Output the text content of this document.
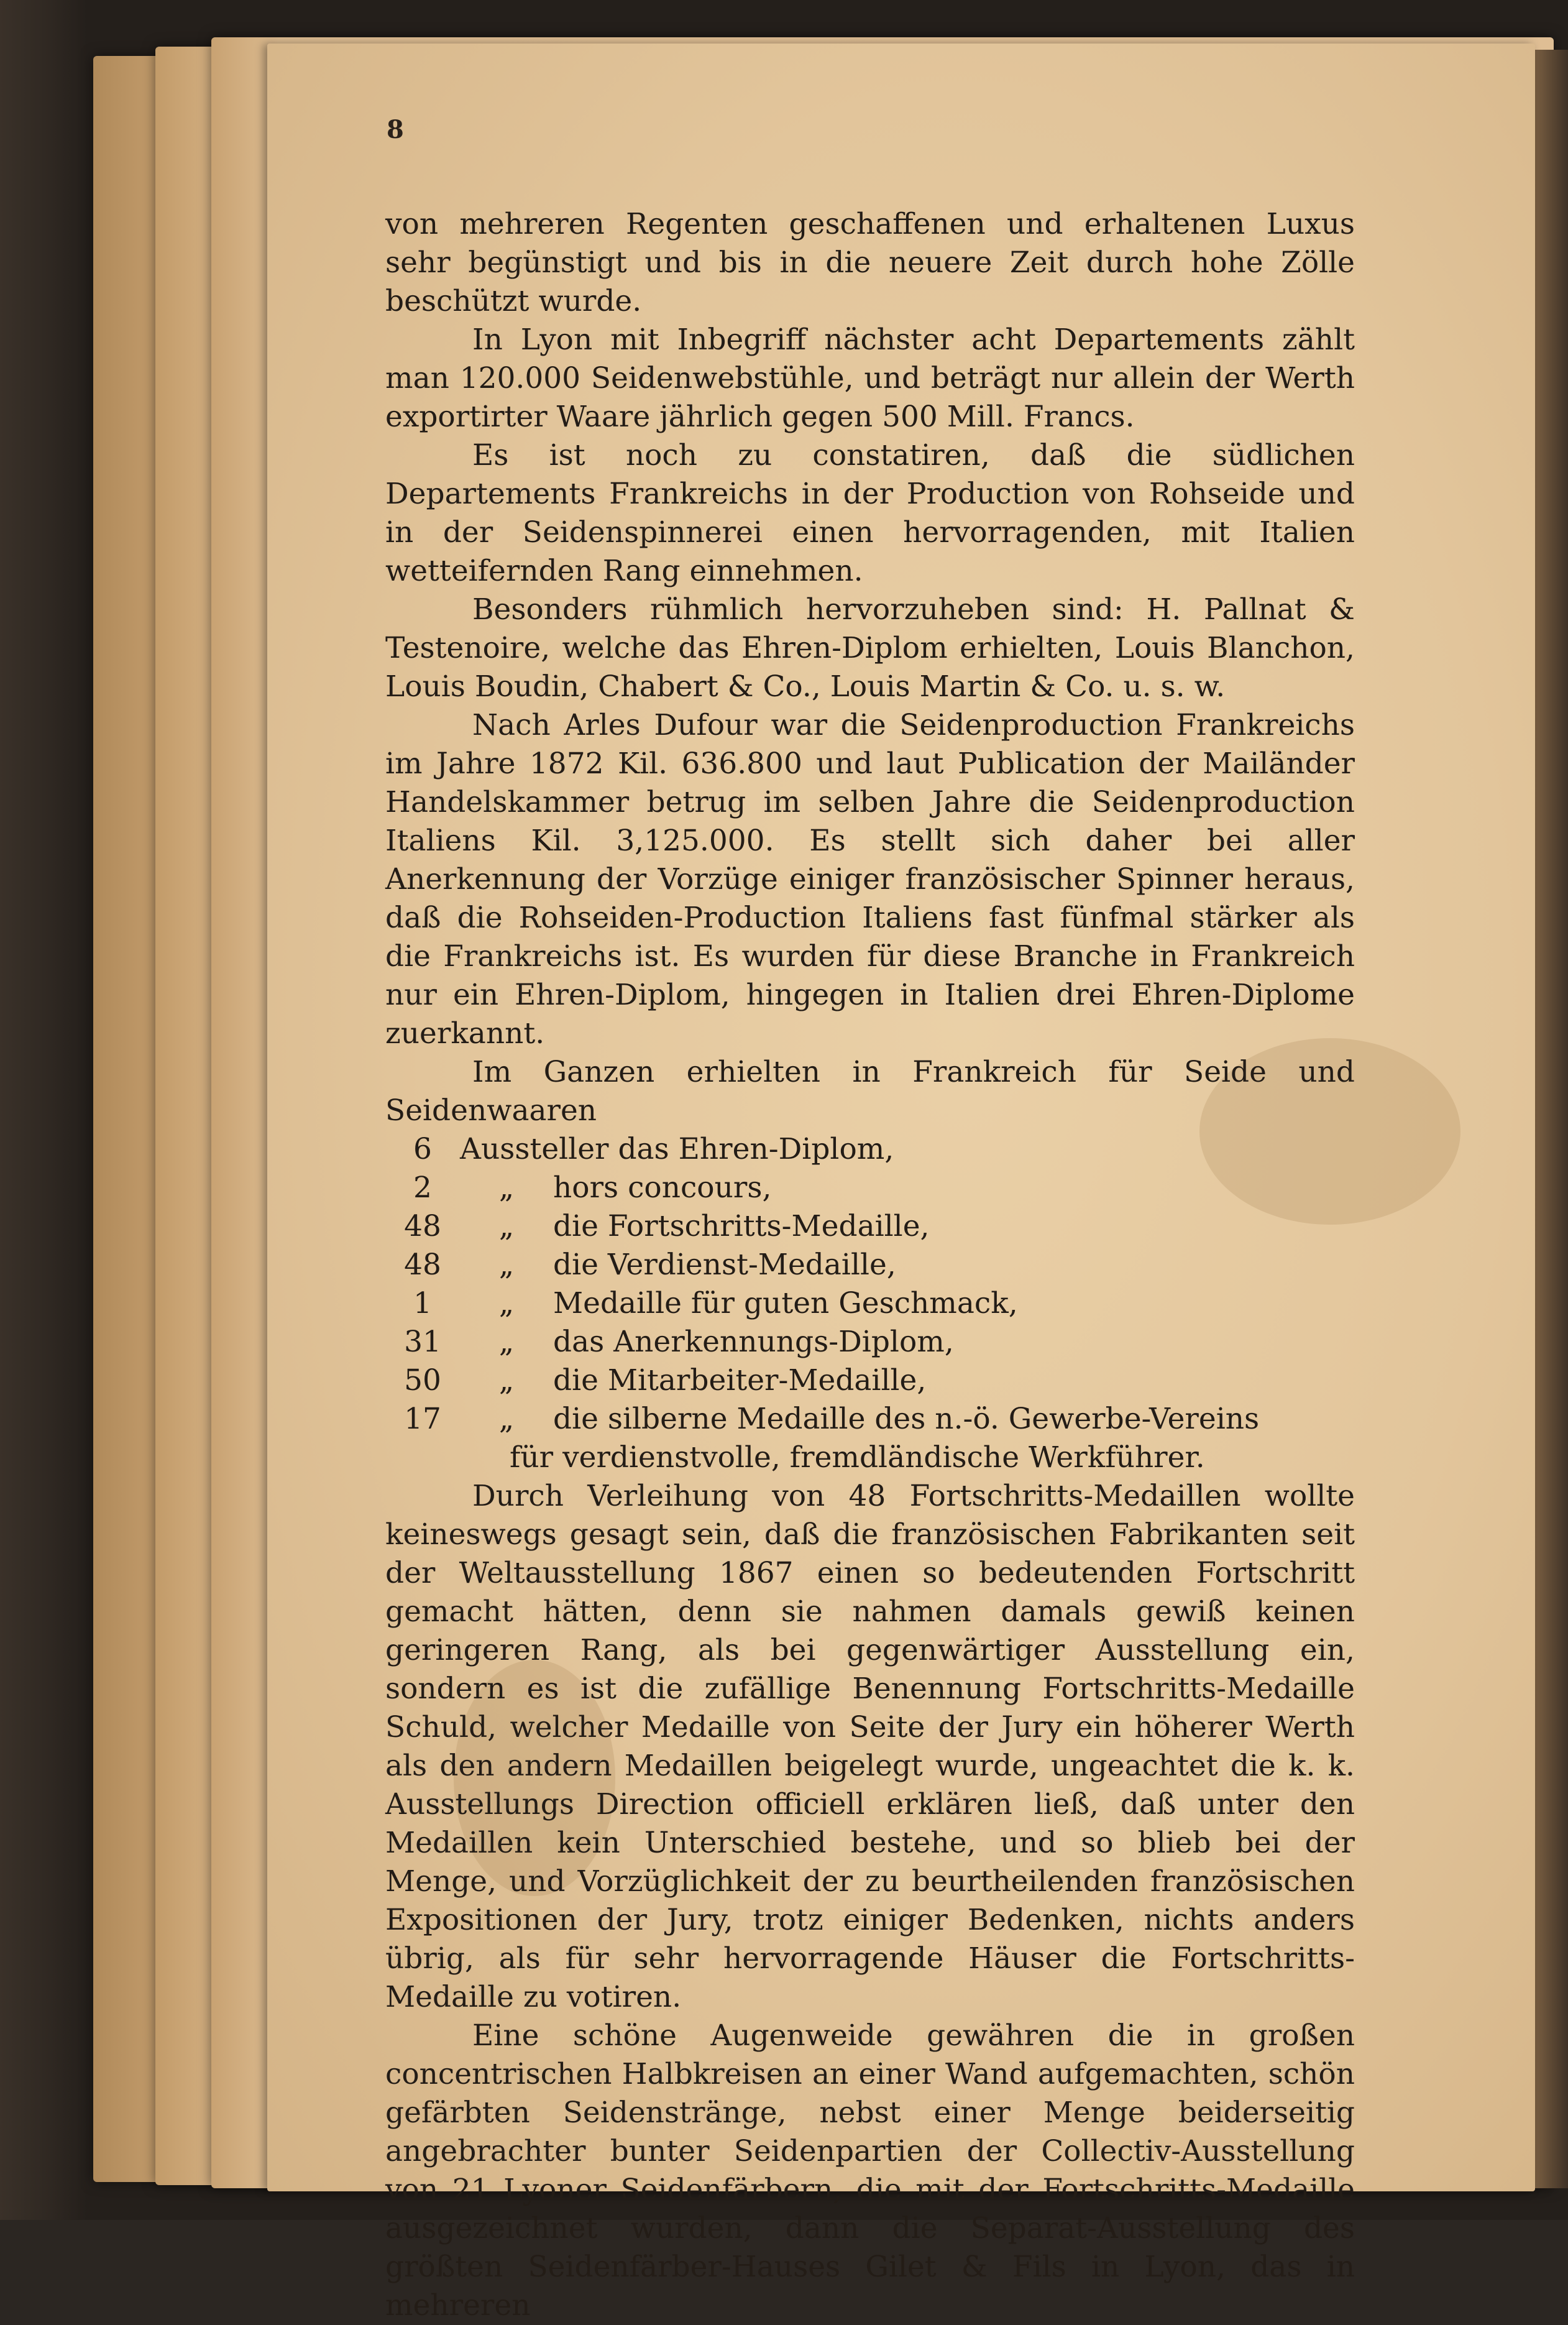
8

von mehreren Regenten geschaffenen und erhaltenen Luxus sehr begünstigt und bis in die neuere Zeit durch hohe Zölle beschützt wurde.

In Lyon mit Inbegriff nächster acht Departements zählt man 120.000 Seidenwebstühle, und beträgt nur allein der Werth exportirter Waare jährlich gegen 500 Mill. Francs.

Es ist noch zu constatiren, daß die südlichen Departements Frankreichs in der Production von Rohseide und in der Seidenspinnerei einen hervorragenden, mit Italien wetteifernden Rang einnehmen.

Besonders rühmlich hervorzuheben sind: H. Pallnat & Testenoire, welche das Ehren-Diplom erhielten, Louis Blanchon, Louis Boudin, Chabert & Co., Louis Martin & Co. u. s. w.

Nach Arles Dufour war die Seidenproduction Frankreichs im Jahre 1872 Kil. 636.800 und laut Publication der Mailänder Handelskammer betrug im selben Jahre die Seidenproduction Italiens Kil. 3,125.000. Es stellt sich daher bei aller Anerkennung der Vorzüge einiger französischer Spinner heraus, daß die Rohseiden-Production Italiens fast fünfmal stärker als die Frankreichs ist. Es wurden für diese Branche in Frankreich nur ein Ehren-Diplom, hingegen in Italien drei Ehren-Diplome zuerkannt.

Im Ganzen erhielten in Frankreich für Seide und Seidenwaaren

6 Aussteller das Ehren-Diplom,
2	„	hors concours,
48	„	die Fortschritts-Medaille,
48	„	die Verdienst-Medaille,
1	„	Medaille für guten Geschmack,
31	„	das Anerkennungs-Diplom,
50	„	die Mitarbeiter-Medaille,
17	„	die silberne Medaille des n.-ö. Gewerbe-Vereins
für verdienstvolle, fremdländische Werkführer.

Durch Verleihung von 48 Fortschritts-Medaillen wollte keineswegs gesagt sein, daß die französischen Fabrikanten seit der Weltausstellung 1867 einen so bedeutenden Fortschritt gemacht hätten, denn sie nahmen damals gewiß keinen geringeren Rang, als bei gegenwärtiger Ausstellung ein, sondern es ist die zufällige Benennung Fortschritts-Medaille Schuld, welcher Medaille von Seite der Jury ein höherer Werth als den andern Medaillen beigelegt wurde, ungeachtet die k. k. Ausstellungs Direction officiell erklären ließ, daß unter den Medaillen kein Unterschied bestehe, und so blieb bei der Menge, und Vorzüglichkeit der zu beurtheilenden französischen Expositionen der Jury, trotz einiger Bedenken, nichts anders übrig, als für sehr hervorragende Häuser die Fortschritts-Medaille zu votiren.

Eine schöne Augenweide gewähren die in großen concentrischen Halbkreisen an einer Wand aufgemachten, schön gefärbten Seidenstränge, nebst einer Menge beiderseitig angebrachter bunter Seidenpartien der Collectiv-Ausstellung von 21 Lyoner Seidenfärbern, die mit der Fortschritts-Medaille ausgezeichnet wurden, dann die Separat-Ausstellung des größten Seidenfärber-Hauses Gilet & Fils in Lyon, das in mehreren
